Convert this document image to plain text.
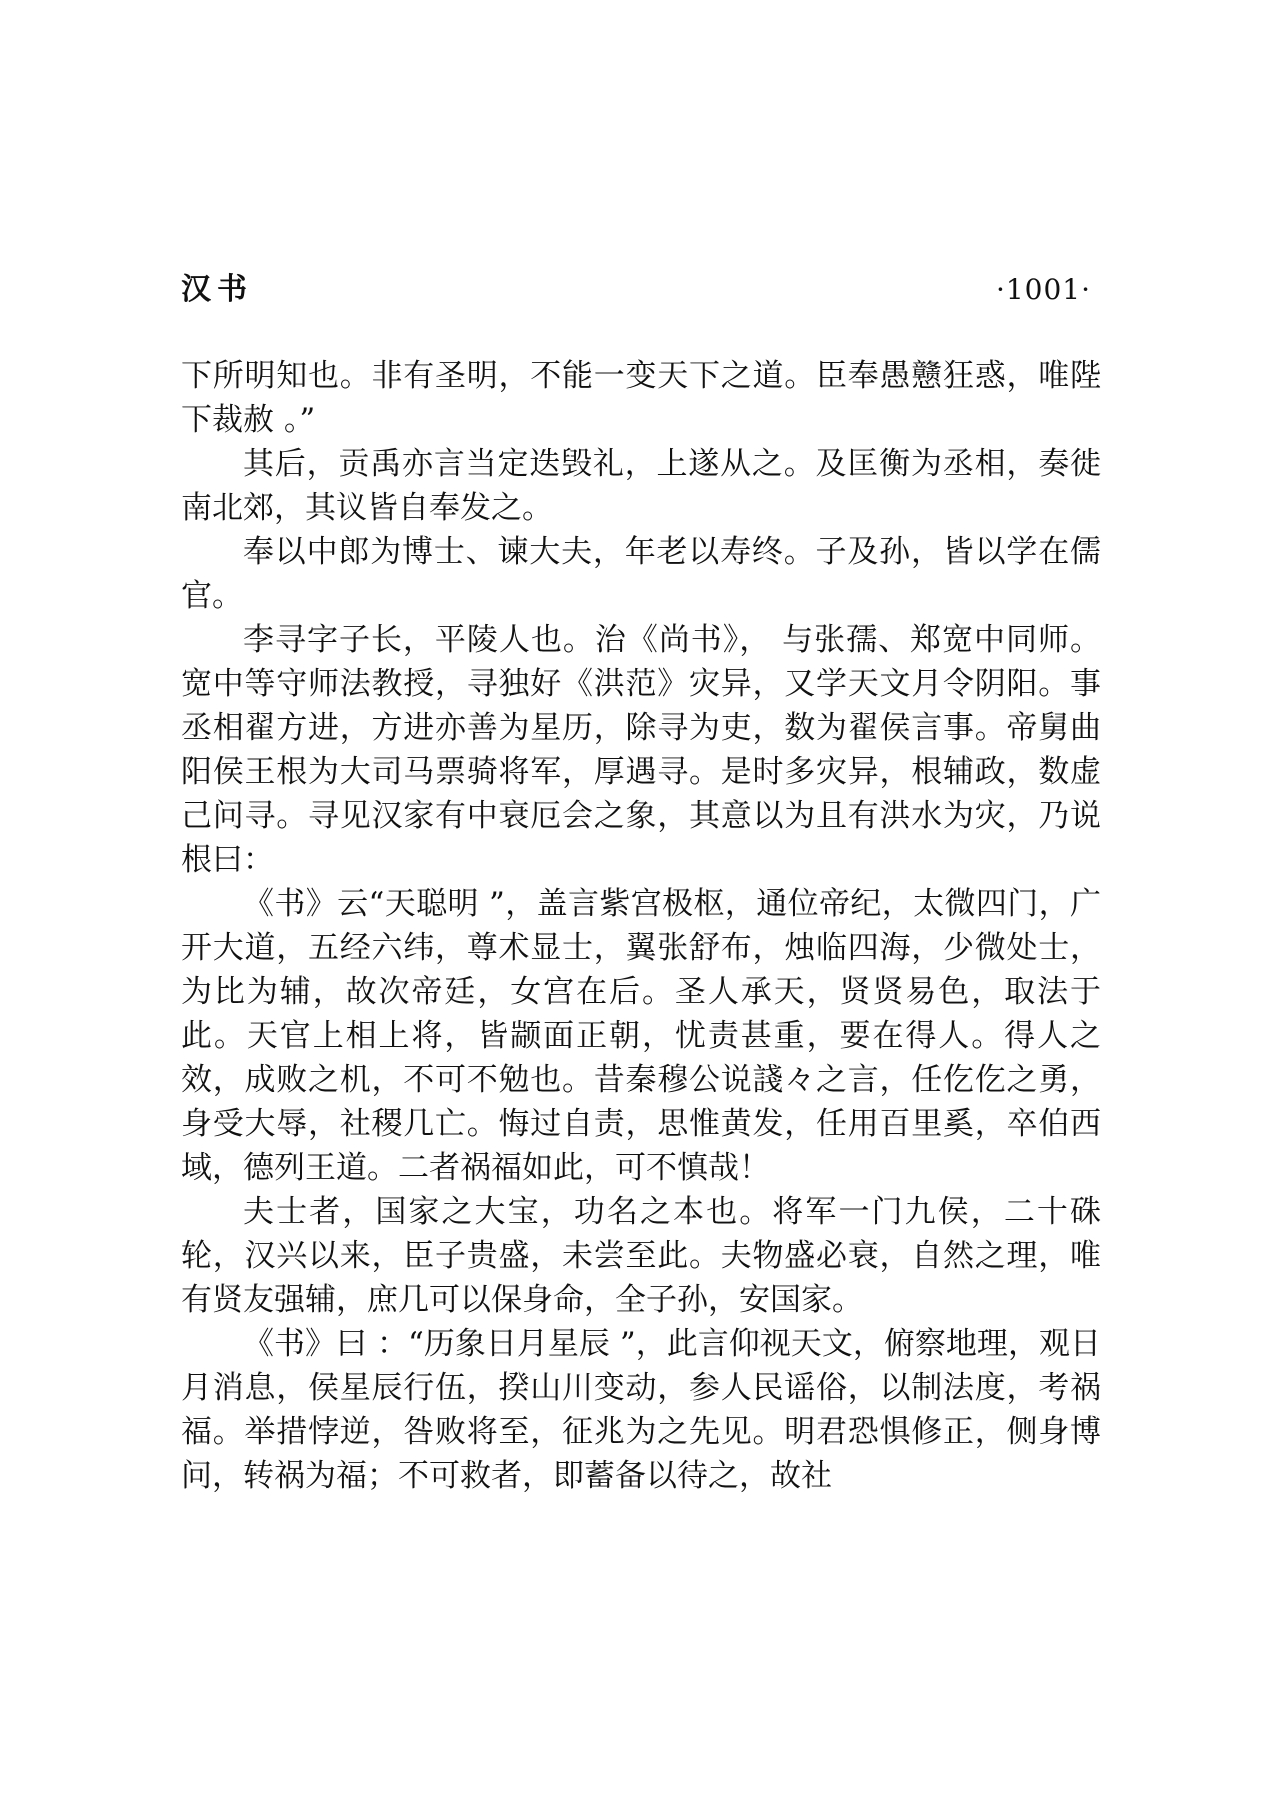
汉书	·1001·

下所明知也。非有圣明，不能一变天下之道。臣奉愚戆狂惑，唯陛下裁赦 。”

其后，贡禹亦言当定迭毁礼，上遂从之。及匡衡为丞相，奏徙南北郊，其议皆自奉发之。

奉以中郎为博士、谏大夫，年老以寿终。子及孙，皆以学在儒官。

李寻字子长，平陵人也。治《尚书》， 与张孺、郑宽中同师。宽中等守师法教授，寻独好《洪范》灾异，又学天文月令阴阳。事丞相翟方进，方进亦善为星历，除寻为吏，数为翟侯言事。帝舅曲阳侯王根为大司马票骑将军，厚遇寻。是时多灾异，根辅政，数虚己问寻。寻见汉家有中衰厄会之象，其意以为且有洪水为灾，乃说根曰：

《书》云“天聪明 ”，盖言紫宫极枢，通位帝纪，太微四门，广开大道，五经六纬，尊术显士，翼张舒布，烛临四海，少微处士，为比为辅，故次帝廷，女宫在后。圣人承天，贤贤易色，取法于此。天官上相上将，皆颛面正朝，忧责甚重，要在得人。得人之效，成败之机，不可不勉也。昔秦穆公说諓々之言，任仡仡之勇，身受大辱，社稷几亡。悔过自责，思惟黄发，任用百里奚，卒伯西域，德列王道。二者祸福如此，可不慎哉！

夫士者，国家之大宝，功名之本也。将军一门九侯，二十硃轮，汉兴以来，臣子贵盛，未尝至此。夫物盛必衰，自然之理，唯有贤友强辅，庶几可以保身命，全子孙，安国家。

《书》曰 ：“历象日月星辰 ”，此言仰视天文，俯察地理，观日月消息，侯星辰行伍，揆山川变动，参人民谣俗，以制法度，考祸福。举措悖逆，咎败将至，征兆为之先见。明君恐惧修正，侧身博问，转祸为福；不可救者，即蓄备以待之，故社
